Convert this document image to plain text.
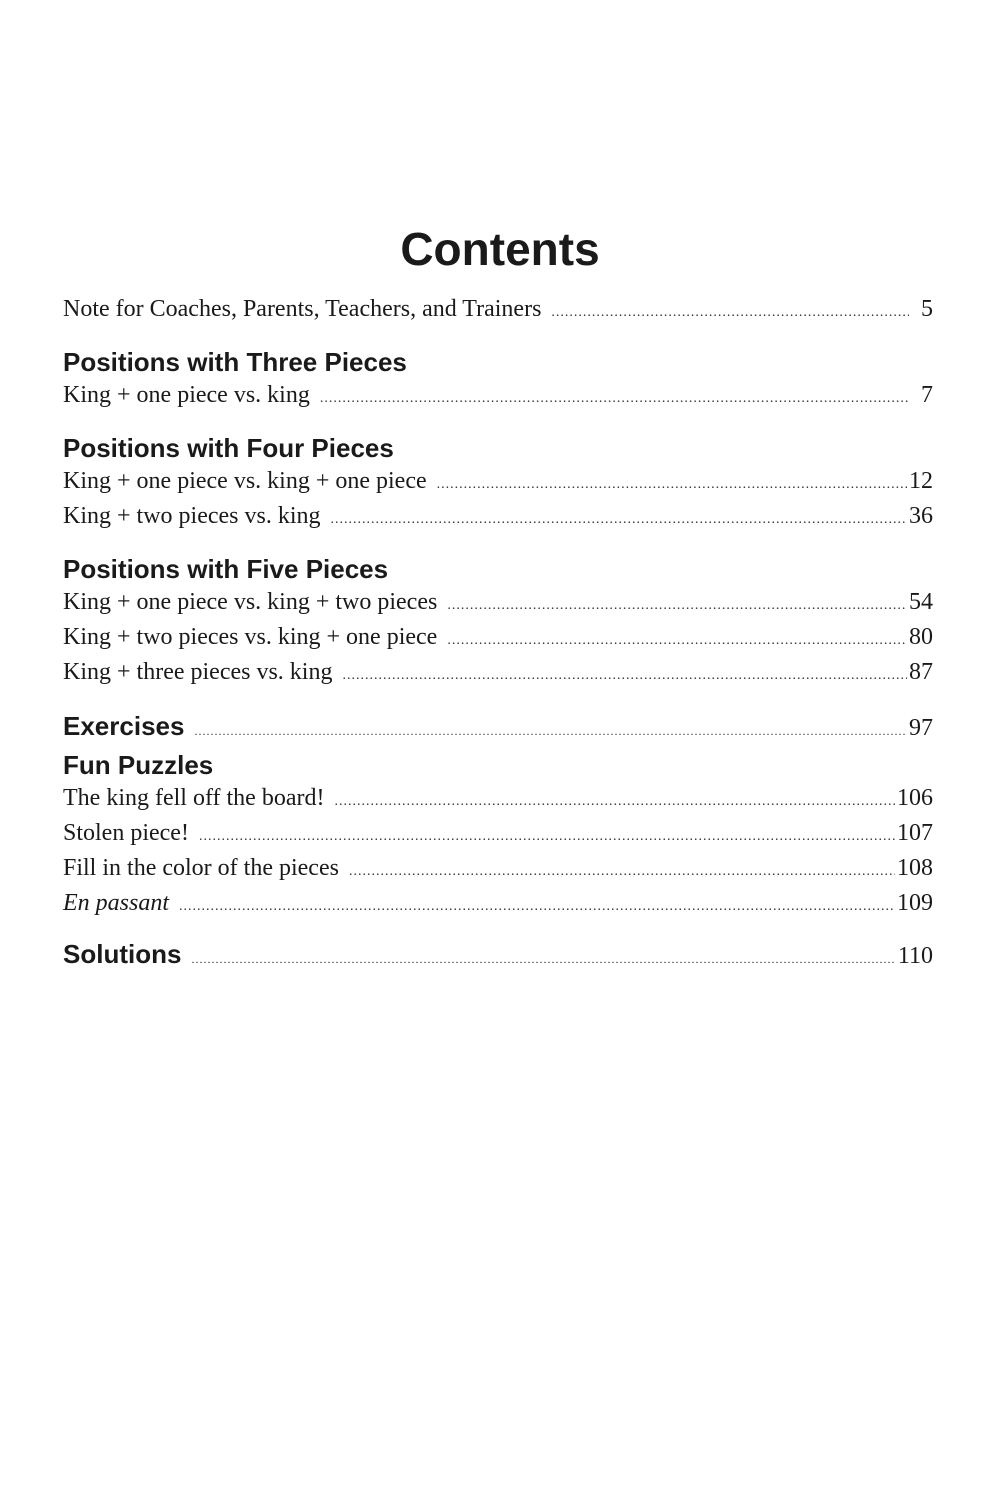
Contents
Note for Coaches, Parents, Teachers, and Trainers .....	5
Positions with Three Pieces
King + one piece vs. king .....	7
Positions with Four Pieces
King + one piece vs. king + one piece .....	12
King + two pieces vs. king .....	36
Positions with Five Pieces
King + one piece vs. king + two pieces .....	54
King + two pieces vs. king + one piece .....	80
King + three pieces vs. king .....	87
Exercises .....	97
Fun Puzzles
The king fell off the board! .....	106
Stolen piece! .....	107
Fill in the color of the pieces .....	108
En passant .....	109
Solutions .....	110
